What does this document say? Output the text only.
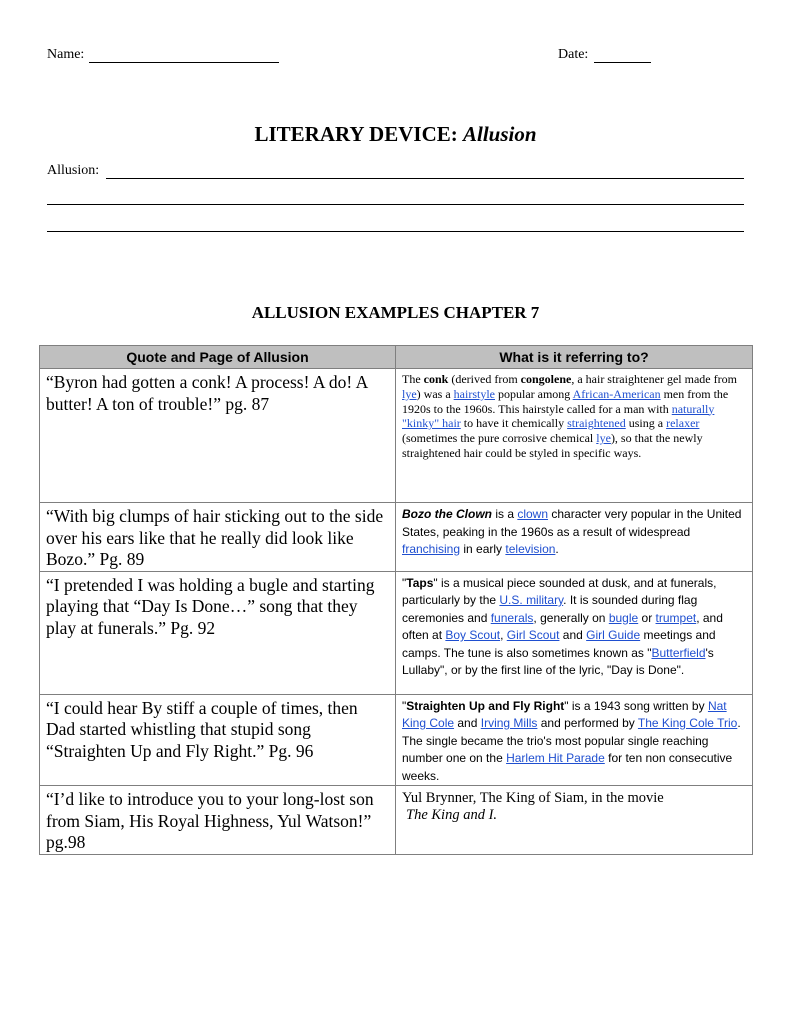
Name:	Date:
LITERARY DEVICE: Allusion
Allusion:
ALLUSION EXAMPLES CHAPTER 7
Quote and Page of Allusion	What is it referring to?
“Byron had gotten a conk! A process! A do! A butter! A ton of trouble!” pg. 87	The conk (derived from congolene, a hair straightener gel made from lye) was a hairstyle popular among African-American men from the 1920s to the 1960s. This hairstyle called for a man with naturally "kinky" hair to have it chemically straightened using a relaxer (sometimes the pure corrosive chemical lye), so that the newly straightened hair could be styled in specific ways.
“With big clumps of hair sticking out to the side over his ears like that he really did look like Bozo.” Pg. 89	Bozo the Clown is a clown character very popular in the United States, peaking in the 1960s as a result of widespread franchising in early television.
“I pretended I was holding a bugle and starting playing that “Day Is Done…” song that they play at funerals.” Pg. 92	"Taps" is a musical piece sounded at dusk, and at funerals, particularly by the U.S. military. It is sounded during flag ceremonies and funerals, generally on bugle or trumpet, and often at Boy Scout, Girl Scout and Girl Guide meetings and camps. The tune is also sometimes known as "Butterfield's Lullaby", or by the first line of the lyric, "Day is Done".
“I could hear By stiff a couple of times, then Dad started whistling that stupid song “Straighten Up and Fly Right.” Pg. 96	"Straighten Up and Fly Right" is a 1943 song written by Nat King Cole and Irving Mills and performed by The King Cole Trio. The single became the trio's most popular single reaching number one on the Harlem Hit Parade for ten non consecutive weeks.
“I’d like to introduce you to your long-lost son from Siam, His Royal Highness, Yul Watson!” pg.98	Yul Brynner, The King of Siam, in the movie
The King and I.
